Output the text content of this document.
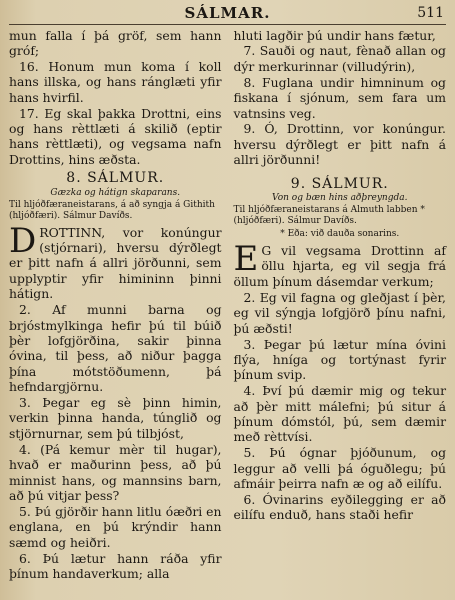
SÁLMAR.	511

mun falla í þá gröf, sem hann gróf;

16. Honum mun koma í koll hans illska, og hans ránglæti yfir hans hvirfil.

17. Eg skal þakka Drottni, eins og hans rèttlæti á skilið (eptir hans rèttlæti), og vegsama nafn Drottins, hins æðsta.

8. SÁLMUR.
Gæzka og hátign skaparans.
Til hljóðfæraneistarans, á að syngja á Githith (hljóðfæri). Sálmur Davíðs.

DROTTINN, vor konúngur (stjórnari), hversu dýrðlegt er þitt nafn á allri jörðunni, sem upplyptir yfir himininn þinni hátign.

2. Af munni barna og brjóstmylkinga hefir þú til búið þèr lofgjörðina, sakir þinna óvina, til þess, að niður þagga þína mótstöðumenn, þá hefndargjörnu.

3. Þegar eg sè þinn himin, verkin þinna handa, túnglið og stjörnurnar, sem þú tilbjóst,

4. (Pá kemur mèr til hugar), hvað er maðurinn þess, að þú minnist hans, og mannsins barn, að þú vitjar þess?

5. Þú gjörðir hann litlu óæðri en englana, en þú krýndir hann sæmd og heiðri.

6. Þú lætur hann ráða yfir þínum handaverkum; alla

hluti lagðir þú undir hans fætur,

7. Sauði og naut, fènað allan og dýr merkurinnar (villudýrin),

8. Fuglana undir himninum og fiskana í sjónum, sem fara um vatnsins veg.

9. Ó, Drottinn, vor konúngur. hversu dýrðlegt er þitt nafn á allri jörðunni!

9. SÁLMUR.
Von og bæn hins aðþreyngda.
Til hljóðfæraneistarans á Almuth labben * (hljóðfæri). Sálmur Davíðs.
* Eða: við dauða sonarins.

E G vil vegsama Drottinn af öllu hjarta, eg vil segja frá öllum þínum dásemdar verkum;

2. Eg vil fagna og gleðjast í þèr, eg vil sýngja lofgjörð þínu nafni, þú æðsti!

3. Þegar þú lætur mína óvini flýa, hníga og tortýnast fyrir þínum svip.

4. Því þú dæmir mig og tekur að þèr mitt málefni; þú situr á þínum dómstól, þú, sem dæmir með rèttvísi.

5. Þú ógnar þjóðunum, og leggur að velli þá óguðlegu; þú afmáir þeirra nafn æ og að eilífu.

6. Óvinarins eyðilegging er að eilífu enduð, hans staði hefir
